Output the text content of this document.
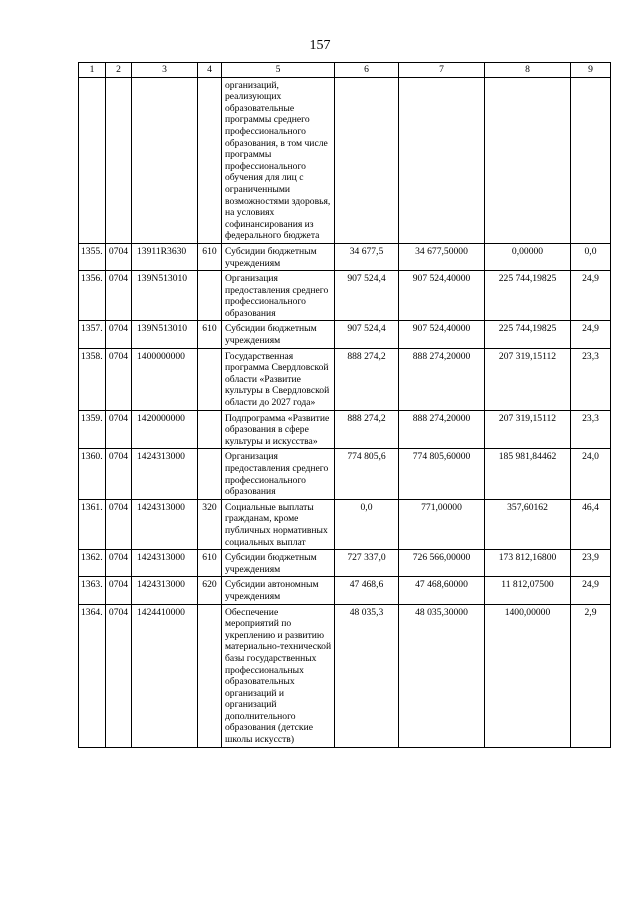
157
1	2	3	4	5	6	7	8	9
				организаций, реализующих образовательные программы среднего профессионального образования, в том числе программы профессионального обучения для лиц с ограниченными возможностями здоровья, на условиях софинансирования из федерального бюджета				
1355.	0704	13911R3630	610	Субсидии бюджетным учреждениям	34 677,5	34 677,50000	0,00000	0,0
1356.	0704	139N513010		Организация предоставления среднего профессионального образования	907 524,4	907 524,40000	225 744,19825	24,9
1357.	0704	139N513010	610	Субсидии бюджетным учреждениям	907 524,4	907 524,40000	225 744,19825	24,9
1358.	0704	1400000000		Государственная программа Свердловской области «Развитие культуры в Свердловской области до 2027 года»	888 274,2	888 274,20000	207 319,15112	23,3
1359.	0704	1420000000		Подпрограмма «Развитие образования в сфере культуры и искусства»	888 274,2	888 274,20000	207 319,15112	23,3
1360.	0704	1424313000		Организация предоставления среднего профессионального образования	774 805,6	774 805,60000	185 981,84462	24,0
1361.	0704	1424313000	320	Социальные выплаты гражданам, кроме публичных нормативных социальных выплат	0,0	771,00000	357,60162	46,4
1362.	0704	1424313000	610	Субсидии бюджетным учреждениям	727 337,0	726 566,00000	173 812,16800	23,9
1363.	0704	1424313000	620	Субсидии автономным учреждениям	47 468,6	47 468,60000	11 812,07500	24,9
1364.	0704	1424410000		Обеспечение мероприятий по укреплению и развитию материально-технической базы государственных профессиональных образовательных организаций и организаций дополнительного образования (детские школы искусств)	48 035,3	48 035,30000	1400,00000	2,9
